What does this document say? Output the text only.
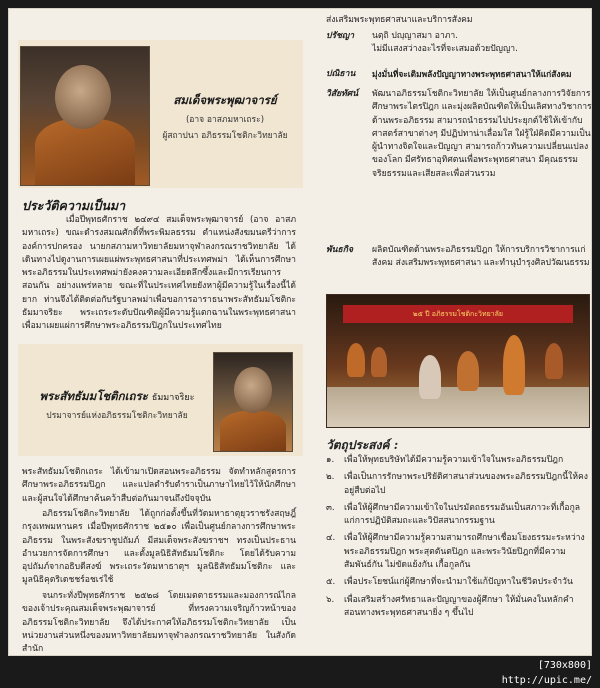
สมเด็จพระพุฒาจารย์
(อาจ อาสภมหาเถระ)
ผู้สถาปนา อภิธรรมโชติกะวิทยาลัย
ประวัติความเป็นมา

เมื่อปีพุทธศักราช ๒๔๙๔ สมเด็จพระพุฒาจารย์ (อาจ อาสภมหาเถระ) ขณะดำรงสมณศักดิ์ที่พระพิมลธรรม ตำแหน่งสังฆมนตรีว่าการองค์การปกครอง นายกสภามหาวิทยาลัยมหาจุฬาลงกรณราชวิทยาลัย ได้เดินทางไปดูงานการเผยแผ่พระพุทธศาสนาที่ประเทศพม่า ได้เห็นการศึกษาพระอภิธรรมในประเทศพม่ายังคงความละเอียดลึกซึ้งและมีการเรียนการสอนกัน อย่างแพร่หลาย ขณะที่ในประเทศไทยยังหาผู้มีความรู้ในเรื่องนี้ได้ยาก ท่านจึงได้ติดต่อกับรัฐบาลพม่าเพื่อขอการอาราธนาพระสัทธัมมโชติกะ ธัมมาจริยะ พระเถระระดับปัณฑิตผู้มีความรู้แตกฉานในพระพุทธศาสนา เพื่อมาเผยแผ่การศึกษาพระอภิธรรมปิฎกในประเทศไทย

พระสัทธัมมโชติกเถระ ธัมมาจริยะ
ปรมาจารย์แห่งอภิธรรมโชติกะวิทยาลัย

พระสัทธัมมโชติกเถระ ได้เข้ามาเปิดสอนพระอภิธรรม จัดทำหลักสูตรการศึกษาพระอภิธรรมปิฎก และแปลตำรับตำราเป็นภาษาไทยไว้ให้นักศึกษาและผู้สนใจได้ศึกษาค้นคว้าสืบต่อกันมาจนถึงปัจจุบัน

อภิธรรมโชติกะวิทยาลัย ได้ถูกก่อตั้งขึ้นที่วัดมหาธาตุยุวราชรังสฤษฎิ์ กรุงเทพมหานคร เมื่อปีพุทธศักราช ๒๕๑๐ เพื่อเป็นศูนย์กลางการศึกษาพระอภิธรรม ในพระสังฆราชูปถัมภ์ มีสมเด็จพระสังฆราชฯ ทรงเป็นประธานอำนวยการจัดการศึกษา และตั้งมูลนิธิสัทธัมมโชติกะ โดยได้รับความอุปถัมภ์จากอธิบดีสงฆ์ พระเถระวัดมหาธาตุฯ มูลนิธิสัทธัมมโชติกะ และมูลนิธิคุตริเดชชร์อชเร่ใช้

จนกระทั่งปีพุทธศักราช ๒๕๒๘ โดยเมตตาธรรมและมองการณ์ไกลของเจ้าประคุณสมเด็จพระพุฒาจารย์ ที่ทรงความเจริญก้าวหน้าของอภิธรรมโชติกะวิทยาลัย จึงได้ประกาศให้อภิธรรมโชติกะวิทยาลัย เป็นหน่วยงานส่วนหนึ่งของมหาวิทยาลัยมหาจุฬาลงกรณราชวิทยาลัย ในสังกัดสำนัก

ส่งเสริมพระพุทธศาสนาและบริการสังคม
ปรัชญา	นตฺถิ ปญฺญาสมา อาภา.
ไม่มีแสงสว่างอะไรที่จะเสมอด้วยปัญญา.
ปณิธาน	มุ่งมั่นที่จะเติมพลังปัญญาทางพระพุทธศาสนาให้แก่สังคม
วิสัยทัศน์	พัฒนาอภิธรรมโชติกะวิทยาลัย ให้เป็นศูนย์กลางการวิจัยการศึกษาพระไตรปิฎก และมุ่งผลิตบัณฑิตให้เป็นเลิศทางวิชาการด้านพระอภิธรรม สามารถนำธรรมไปประยุกต์ใช้ให้เข้ากับศาสตร์สาขาต่างๆ มีปฏิปทาน่าเลื่อมใส ใฝ่รู้ใฝ่คิดมีความเป็นผู้นำทางจิตใจและปัญญา สามารถก้าวทันความเปลี่ยนแปลงของโลก มีศรัทธาอุทิศตนเพื่อพระพุทธศาสนา มีคุณธรรมจริยธรรมและเสียสละเพื่อส่วนรวม
พันธกิจ	ผลิตบัณฑิตด้านพระอภิธรรมปิฎก ให้การบริการวิชาการแก่สังคม ส่งเสริมพระพุทธศาสนา และทำนุบำรุงศิลปวัฒนธรรม
๒๕ ปี อภิธรรมโชติกะวิทยาลัย
วัตถุประสงค์ :
๑. เพื่อให้พุทธบริษัทได้มีความรู้ความเข้าใจในพระอภิธรรมปิฎก
๒. เพื่อเป็นการรักษาพระปริยัติศาสนาส่วนของพระอภิธรรมปิฎกนี้ให้คงอยู่สืบต่อไป
๓. เพื่อให้ผู้ศึกษามีความเข้าใจในปรมัตถธรรมอันเป็นสภาวะที่เกื้อกูลแก่การปฏิบัติสมถะและวิปัสสนากรรมฐาน
๔. เพื่อให้ผู้ศึกษามีความรู้ความสามารถศึกษาเชื่อมโยงธรรมะระหว่างพระอภิธรรมปิฎก พระสุตตันตปิฎก และพระวินัยปิฎกที่มีความสัมพันธ์กัน ไม่ขัดแย้งกัน เกื้อกูลกัน
๕. เพื่อประโยชน์แก่ผู้ศึกษาที่จะนำมาใช้แก้ปัญหาในชีวิตประจำวัน
๖. เพื่อเสริมสร้างศรัทธาและปัญญาของผู้ศึกษา ให้มั่นคงในหลักคำสอนทางพระพุทธศาสนายิ่ง ๆ ขึ้นไป
[730x800]
